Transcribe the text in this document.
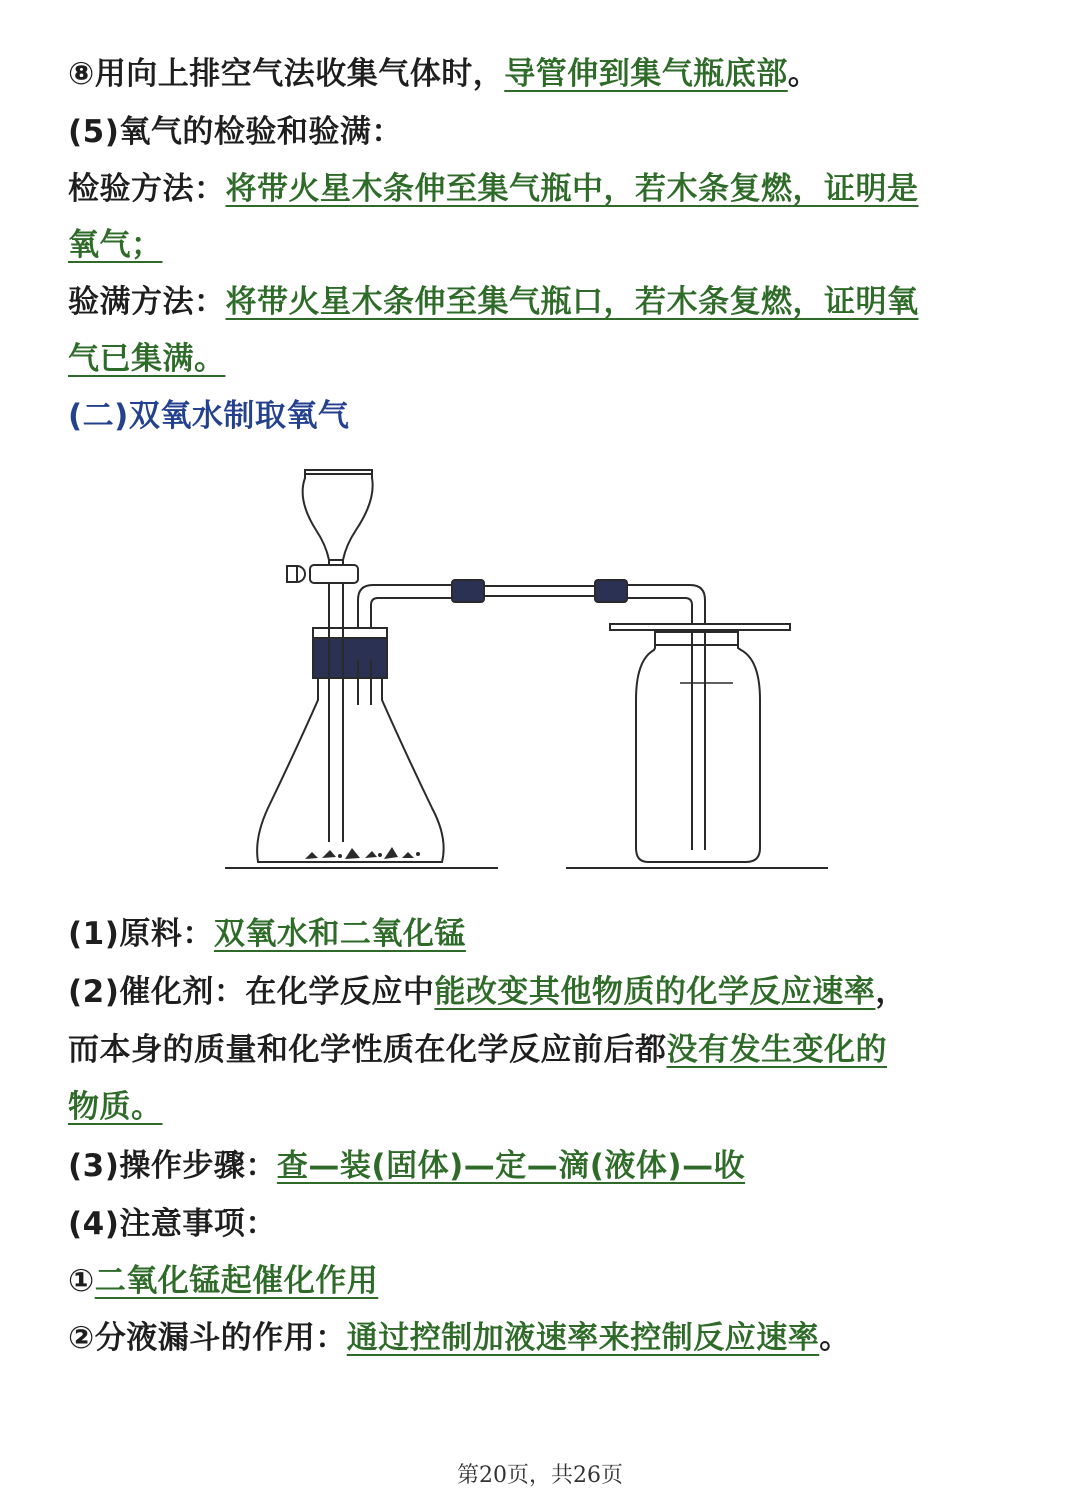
⑧用向上排空气法收集气体时，导管伸到集气瓶底部。
(5)氧气的检验和验满：
检验方法：将带火星木条伸至集气瓶中，若木条复燃，证明是
氧气；
验满方法：将带火星木条伸至集气瓶口，若木条复燃，证明氧
气已集满。
(二)双氧水制取氧气
(1)原料：双氧水和二氧化锰
(2)催化剂：在化学反应中能改变其他物质的化学反应速率，
而本身的质量和化学性质在化学反应前后都没有发生变化的
物质。
(3)操作步骤：查—装(固体)—定—滴(液体)—收
(4)注意事项：
①二氧化锰起催化作用
②分液漏斗的作用：通过控制加液速率来控制反应速率。
第20页，共26页
